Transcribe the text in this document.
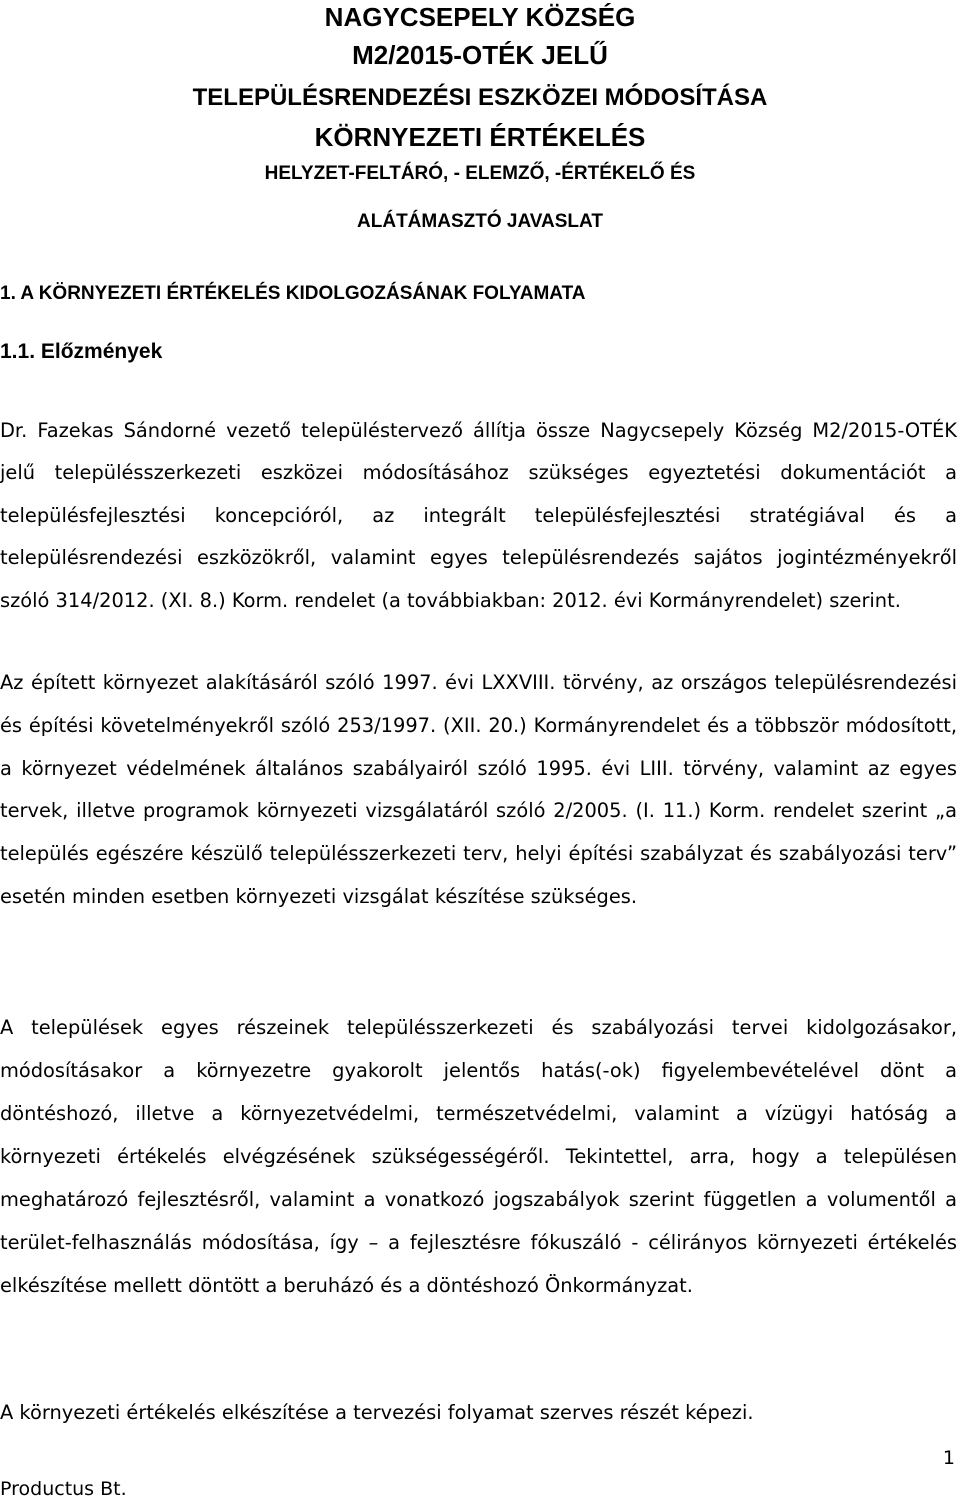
NAGYCSEPELY KÖZSÉG
M2/2015-OTÉK JELŰ
TELEPÜLÉSRENDEZÉSI ESZKÖZEI MÓDOSÍTÁSA
KÖRNYEZETI ÉRTÉKELÉS
HELYZET-FELTÁRÓ, - ELEMZŐ, -ÉRTÉKELŐ ÉS
ALÁTÁMASZTÓ JAVASLAT
1. A KÖRNYEZETI ÉRTÉKELÉS KIDOLGOZÁSÁNAK FOLYAMATA
1.1. Előzmények
Dr. Fazekas Sándorné vezető településtervező állítja össze Nagycsepely Község M2/2015-OTÉK jelű településszerkezeti eszközei módosításához szükséges egyeztetési dokumentációt a településfejlesztési koncepcióról, az integrált településfejlesztési stratégiával és a településrendezési eszközökről, valamint egyes településrendezés sajátos jogintézményekről szóló 314/2012. (XI. 8.) Korm. rendelet (a továbbiakban: 2012. évi Kormányrendelet) szerint.
Az épített környezet alakításáról szóló 1997. évi LXXVIII. törvény, az országos településrendezési és építési követelményekről szóló 253/1997. (XII. 20.) Kormányrendelet és a többször módosított, a környezet védelmének általános szabályairól szóló 1995. évi LIII. törvény, valamint az egyes tervek, illetve programok környezeti vizsgálatáról szóló 2/2005. (I. 11.) Korm. rendelet szerint „a település egészére készülő településszerkezeti terv, helyi építési szabályzat és szabályozási terv” esetén minden esetben környezeti vizsgálat készítése szükséges.
A települések egyes részeinek településszerkezeti és szabályozási tervei kidolgozásakor, módosításakor a környezetre gyakorolt jelentős hatás(-ok) figyelembevételével dönt a döntéshozó, illetve a környezetvédelmi, természetvédelmi, valamint a vízügyi hatóság a környezeti értékelés elvégzésének szükségességéről. Tekintettel, arra, hogy a településen meghatározó fejlesztésről, valamint a vonatkozó jogszabályok szerint független a volumentől a terület-felhasználás módosítása, így – a fejlesztésre fókuszáló - célirányos környezeti értékelés elkészítése mellett döntött a beruházó és a döntéshozó Önkormányzat.
A környezeti értékelés elkészítése a tervezési folyamat szerves részét képezi.
1
Productus Bt.
